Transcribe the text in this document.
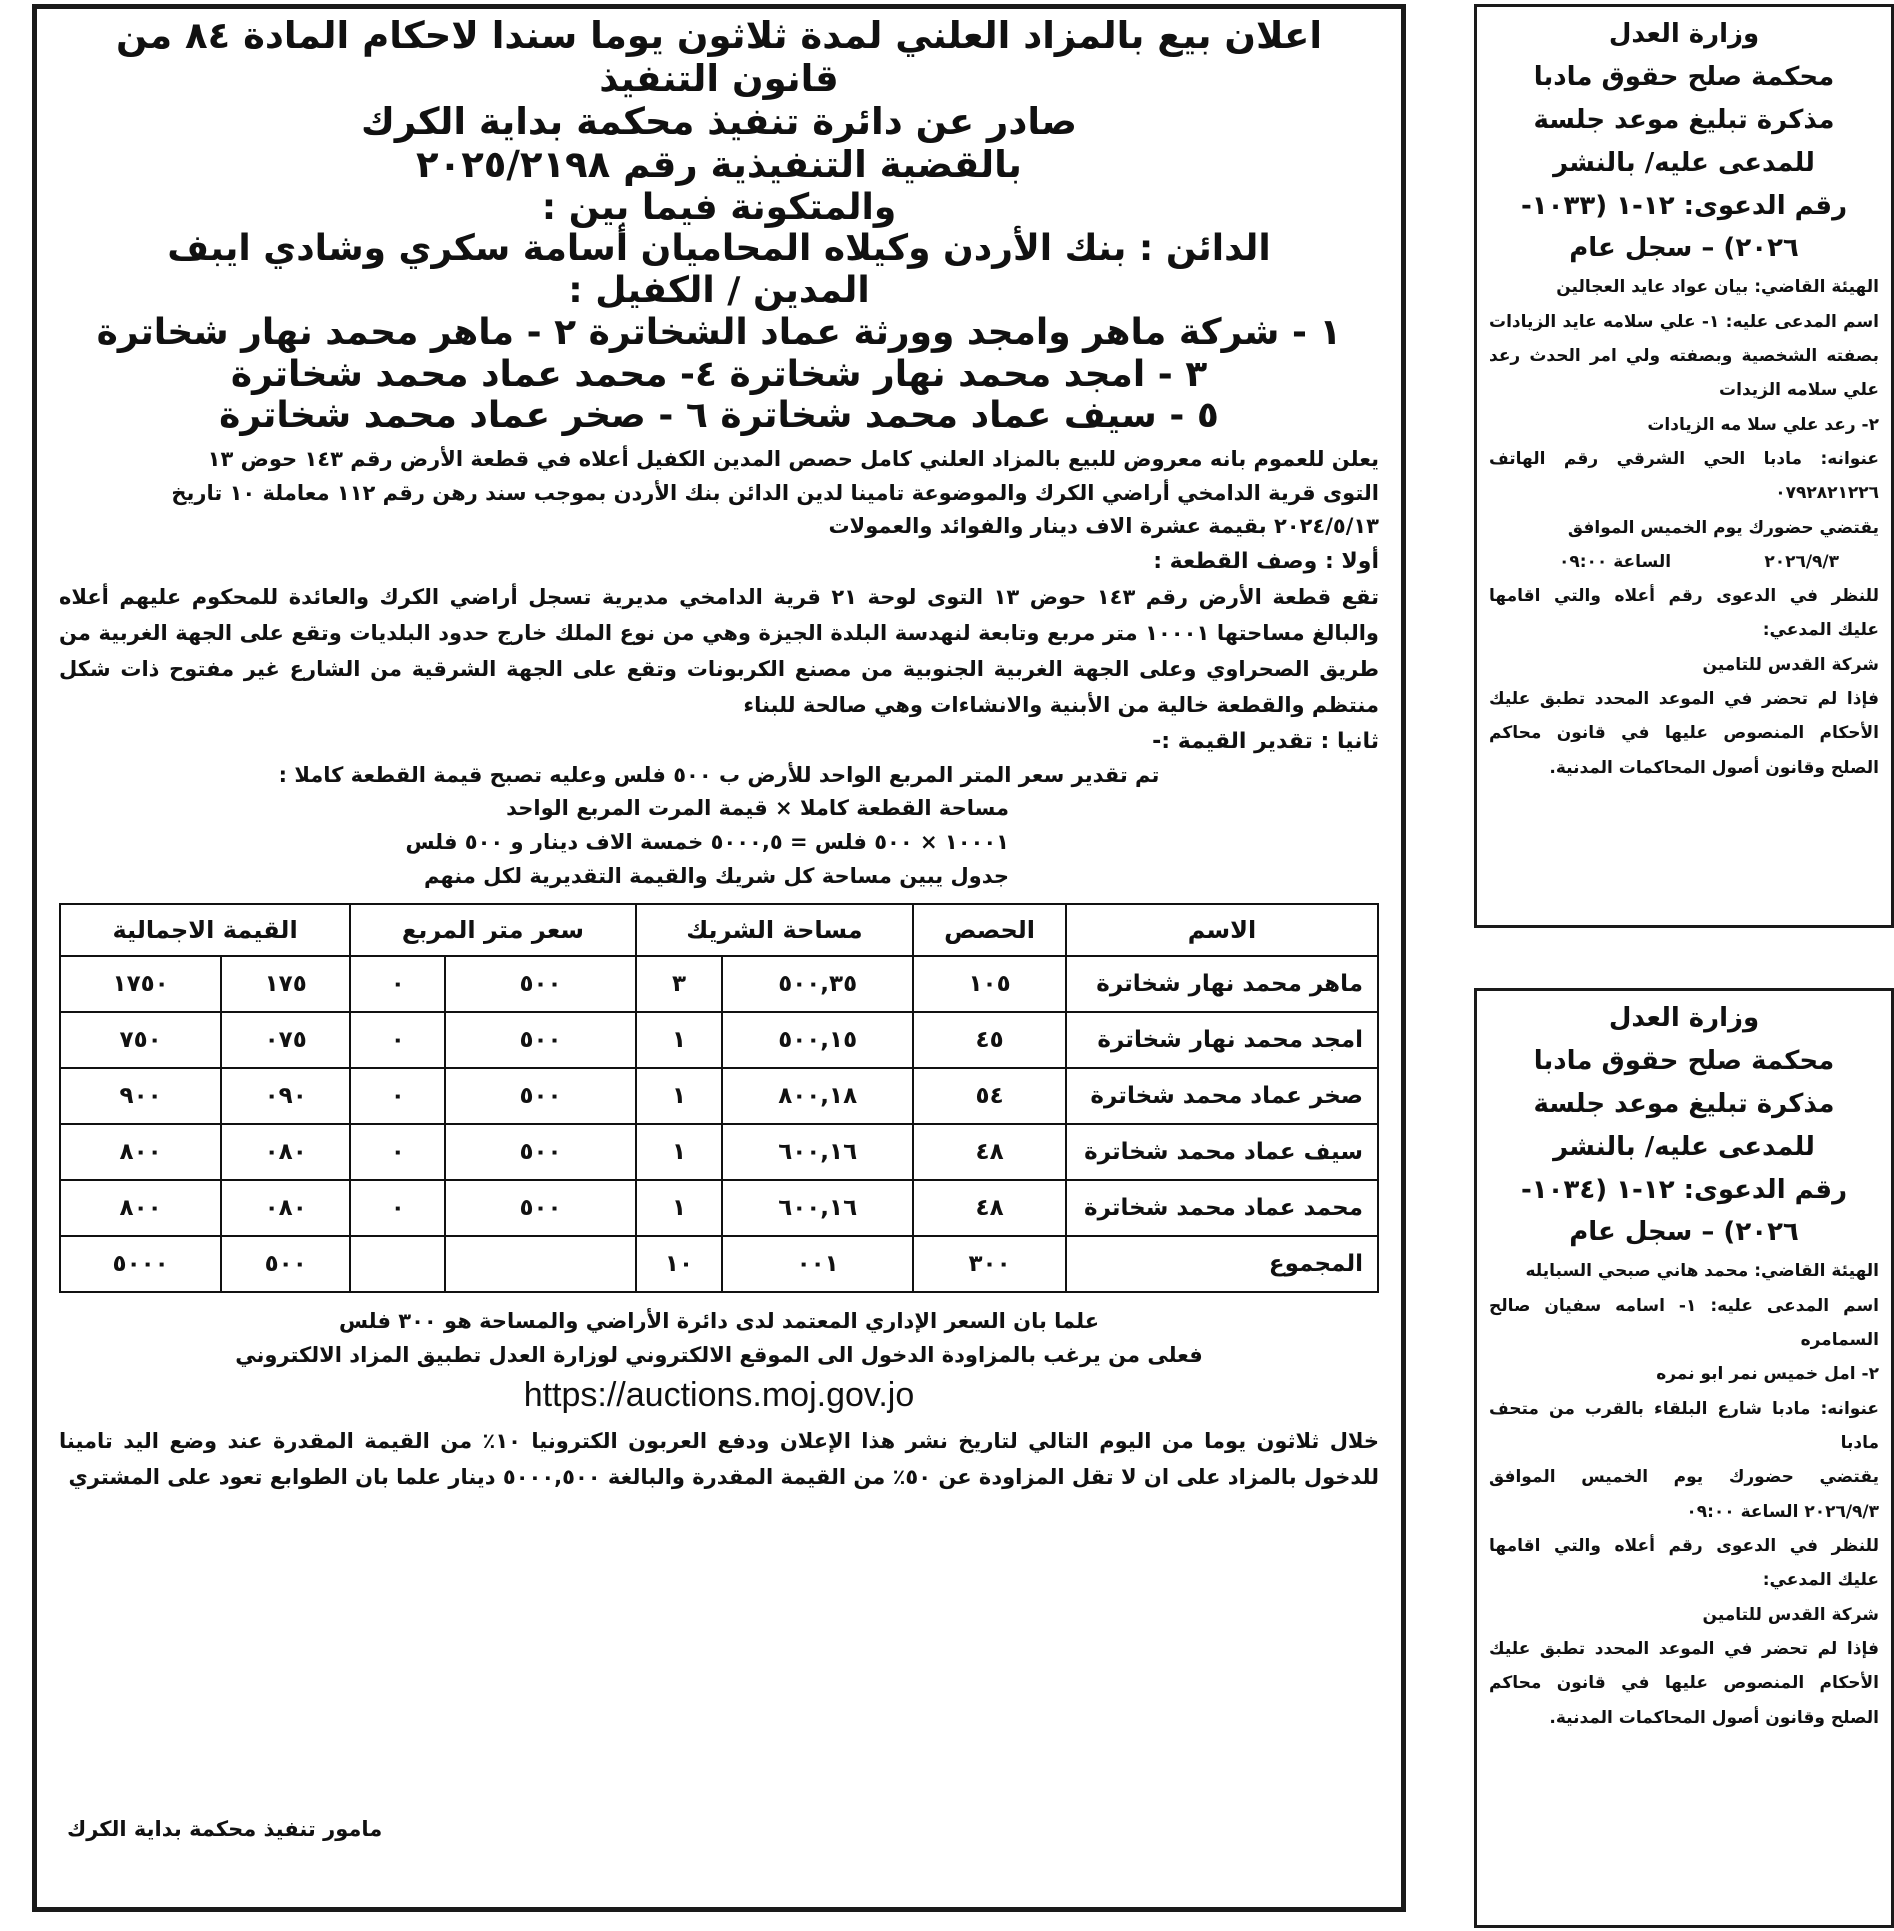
اعلان بيع بالمزاد العلني لمدة ثلاثون يوما سندا لاحكام المادة ٨٤ من قانون التنفيذ

صادر عن دائرة تنفيذ محكمة بداية الكرك

بالقضية التنفيذية رقم ٢٠٢٥/٢١٩٨

والمتكونة فيما بين :

الدائن : بنك الأردن وكيلاه المحاميان أسامة سكري وشادي ايبف

المدين / الكفيل :

١ - شركة ماهر وامجد وورثة عماد الشخاترة ٢ - ماهر محمد نهار شخاترة

٣ - امجد محمد نهار شخاترة ٤- محمد عماد محمد شخاترة

٥ - سيف عماد محمد شخاترة ٦ - صخر عماد محمد شخاترة

يعلن للعموم بانه معروض للبيع بالمزاد العلني كامل حصص المدين الكفيل أعلاه في قطعة الأرض رقم ١٤٣ حوض ١٣

التوى قرية الدامخي أراضي الكرك والموضوعة تامينا لدين الدائن بنك الأردن بموجب سند رهن رقم ١١٢ معاملة ١٠ تاريخ

٢٠٢٤/٥/١٣ بقيمة عشرة الاف دينار والفوائد والعمولات

أولا : وصف القطعة :

تقع قطعة الأرض رقم ١٤٣ حوض ١٣ التوى لوحة ٢١ قرية الدامخي مديرية تسجل أراضي الكرك والعائدة للمحكوم عليهم أعلاه والبالغ مساحتها ١٠٠٠١ متر مربع وتابعة لنهدسة البلدة الجيزة وهي من نوع الملك خارج حدود البلديات وتقع على الجهة الغربية من طريق الصحراوي وعلى الجهة الغربية الجنوبية من مصنع الكربونات وتقع على الجهة الشرقية من الشارع غير مفتوح ذات شكل منتظم والقطعة خالية من الأبنية والانشاءات وهي صالحة للبناء

ثانيا : تقدير القيمة :-

تم تقدير سعر المتر المربع الواحد للأرض ب ٥٠٠ فلس وعليه تصبح قيمة القطعة كاملا :

مساحة القطعة كاملا × قيمة المرت المربع الواحد

١٠٠٠١ × ٥٠٠ فلس = ٥٠٠٠,٥ خمسة الاف دينار و ٥٠٠ فلس

جدول يبين مساحة كل شريك والقيمة التقديرية لكل منهم

الاسم	الحصص	مساحة الشريك		سعر متر المربع		القيمة الاجمالية	
ماهر محمد نهار شخاترة	١٠٥	٥٠٠,٣٥	٣	٥٠٠	٠	١٧٥	١٧٥٠
امجد محمد نهار شخاترة	٤٥	٥٠٠,١٥	١	٥٠٠	٠	٠٧٥	٧٥٠
صخر عماد محمد شخاترة	٥٤	٨٠٠,١٨	١	٥٠٠	٠	٠٩٠	٩٠٠
سيف عماد محمد شخاترة	٤٨	٦٠٠,١٦	١	٥٠٠	٠	٠٨٠	٨٠٠
محمد عماد محمد شخاترة	٤٨	٦٠٠,١٦	١	٥٠٠	٠	٠٨٠	٨٠٠
المجموع	٣٠٠	٠٠١	١٠			٥٠٠	٥٠٠٠

علما بان السعر الإداري المعتمد لدى دائرة الأراضي والمساحة هو ٣٠٠ فلس

فعلى من يرغب بالمزاودة الدخول الى الموقع الالكتروني لوزارة العدل تطبيق المزاد الالكتروني

https://auctions.moj.gov.jo

خلال ثلاثون يوما من اليوم التالي لتاريخ نشر هذا الإعلان ودفع العربون الكترونيا ١٠٪ من القيمة المقدرة عند وضع اليد تامينا للدخول بالمزاد على ان لا تقل المزاودة عن ٥٠٪ من القيمة المقدرة والبالغة ٥٠٠٠,٥٠٠ دينار علما بان الطوابع تعود على المشتري

مامور تنفيذ محكمة بداية الكرك

وزارة العدل

محكمة صلح حقوق مادبا

مذكرة تبليغ موعد جلسة

للمدعى عليه/ بالنشر

رقم الدعوى: ١٢-١ (١٠٣٣-

٢٠٢٦) – سجل عام

الهيئة القاضي: بيان عواد عايد العجالين

اسم المدعى عليه: ١- علي سلامه عايد الزيادات بصفته الشخصية وبصفته ولي امر الحدث رعد علي سلامه الزيدات

٢- رعد علي سلا مه الزيادات

عنوانه: مادبا الحي الشرقي رقم الهاتف ٠٧٩٢٨٢١٢٢٦

يقتضي حضورك يوم الخميس الموافق

٢٠٢٦/٩/٣
الساعة ٠٩:٠٠

للنظر في الدعوى رقم أعلاه والتي اقامها عليك المدعي:

شركة القدس للتامين

فإذا لم تحضر في الموعد المحدد تطبق عليك الأحكام المنصوص عليها في قانون محاكم الصلح وقانون أصول المحاكمات المدنية.

وزارة العدل

محكمة صلح حقوق مادبا

مذكرة تبليغ موعد جلسة

للمدعى عليه/ بالنشر

رقم الدعوى: ١٢-١ (١٠٣٤-

٢٠٢٦) – سجل عام

الهيئة القاضي: محمد هاني صبحي السبايله

اسم المدعى عليه: ١- اسامه سفيان صالح السمامره

٢- امل خميس نمر ابو نمره

عنوانه: مادبا شارع البلقاء بالقرب من متحف مادبا

يقتضي حضورك يوم الخميس الموافق ٢٠٢٦/٩/٣ الساعة ٠٩:٠٠

للنظر في الدعوى رقم أعلاه والتي اقامها عليك المدعي:

شركة القدس للتامين

فإذا لم تحضر في الموعد المحدد تطبق عليك الأحكام المنصوص عليها في قانون محاكم الصلح وقانون أصول المحاكمات المدنية.
